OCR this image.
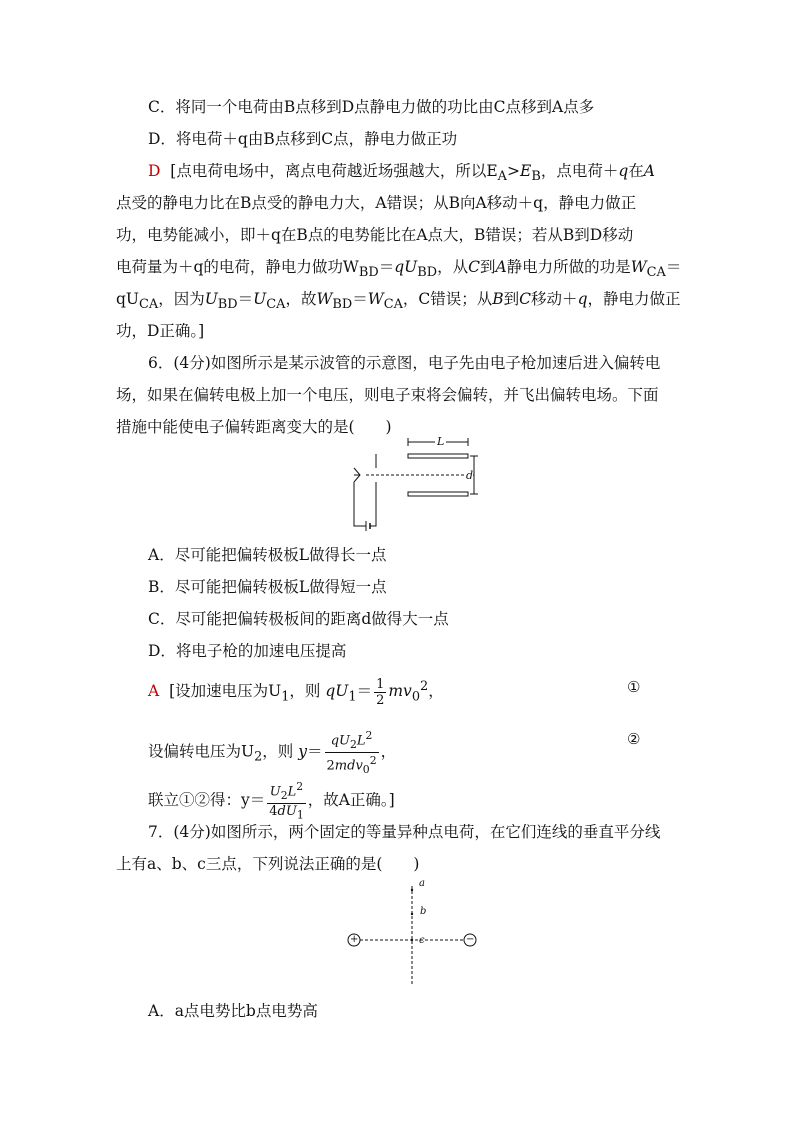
C．将同一个电荷由B点移到D点静电力做的功比由C点移到A点多
D．将电荷＋q由B点移到C点，静电力做正功
D [点电荷电场中，离点电荷越近场强越大，所以$E_A>E_B$，点电荷＋q在A
点受的静电力比在B点受的静电力大，A错误；从B向A移动＋q，静电力做正
功，电势能减小，即＋q在B点的电势能比在A点大，B错误；若从B到D移动
电荷量为＋q的电荷，静电力做功$W_{BD}=qU_{BD}$，从C到A静电力所做的功是$W_{CA}=$
$qU_{CA}$，因为$U_{BD}=U_{CA}$，故$W_{BD}=W_{CA}$，C错误；从B到C移动＋q，静电力做正
功，D正确。]
6．(4分)如图所示是某示波管的示意图，电子先由电子枪加速后进入偏转电
场，如果在偏转电极上加一个电压，则电子束将会偏转，并飞出偏转电场。下面
措施中能使电子偏转距离变大的是(　　)
L
d
A．尽可能把偏转极板L做得长一点
B．尽可能把偏转极板L做得短一点
C．尽可能把偏转极板间的距离d做得大一点
D．将电子枪的加速电压提高
A [设加速电压为$U_1$，则 $qU_1= \frac{1}{2} mv_0^2$，	①
设偏转电压为$U_2$，则 $y= \frac{qU_2L^2}{2mdv_0^2}$ ，
②
联立①②得：$y= \frac{U_2L^2}{4dU_1}$ ，故A正确。]
7．(4分)如图所示，两个固定的等量异种点电荷，在它们连线的垂直平分线
上有a、b、c三点，下列说法正确的是(　　)
a
b
c
+	−
A．a点电势比b点电势高
